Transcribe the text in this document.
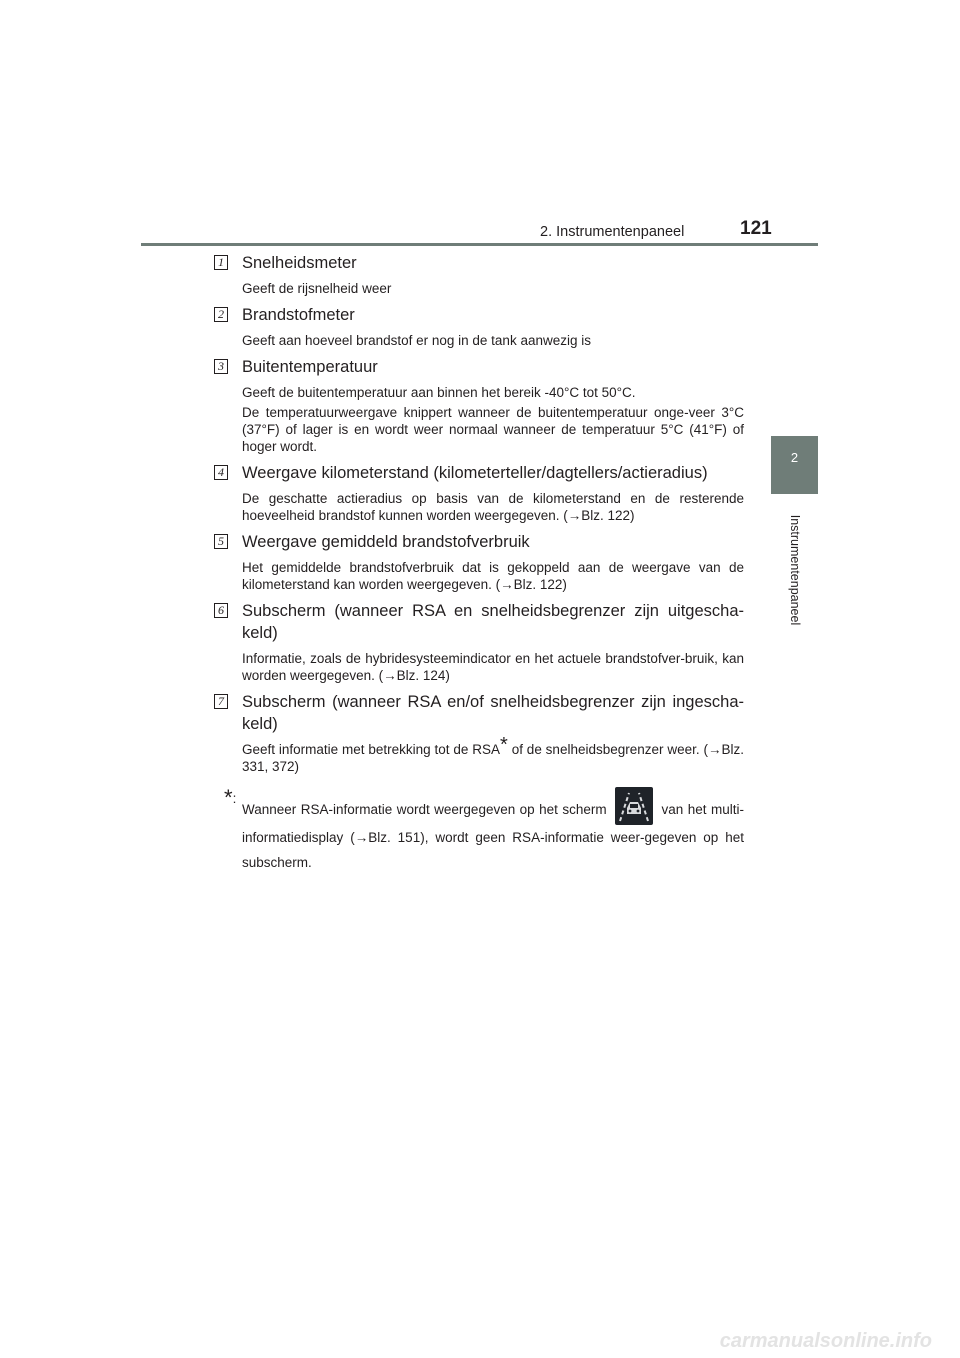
2. Instrumentenpaneel	121
2
Instrumentenpaneel
1 Snelheidsmeter
Geeft de rijsnelheid weer
2 Brandstofmeter
Geeft aan hoeveel brandstof er nog in de tank aanwezig is
3 Buitentemperatuur
Geeft de buitentemperatuur aan binnen het bereik -40°C tot 50°C.
De temperatuurweergave knippert wanneer de buitentemperatuur onge-veer 3°C (37°F) of lager is en wordt weer normaal wanneer de temperatuur 5°C (41°F) of hoger wordt.
4 Weergave kilometerstand (kilometerteller/dagtellers/actieradius)
De geschatte actieradius op basis van de kilometerstand en de resterende hoeveelheid brandstof kunnen worden weergegeven. (→Blz. 122)
5 Weergave gemiddeld brandstofverbruik
Het gemiddelde brandstofverbruik dat is gekoppeld aan de weergave van de kilometerstand kan worden weergegeven. (→Blz. 122)
6 Subscherm (wanneer RSA en snelheidsbegrenzer zijn uitgescha-keld)
Informatie, zoals de hybridesysteemindicator en het actuele brandstofver-bruik, kan worden weergegeven. (→Blz. 124)
7 Subscherm (wanneer RSA en/of snelheidsbegrenzer zijn ingescha-keld)
Geeft informatie met betrekking tot de RSA* of de snelheidsbegrenzer weer. (→Blz. 331, 372)
*:
Wanneer RSA-informatie wordt weergegeven op het scherm	van het multi-informatiedisplay (→Blz. 151), wordt geen RSA-informatie weer-gegeven op het subscherm.
carmanualsonline.info
